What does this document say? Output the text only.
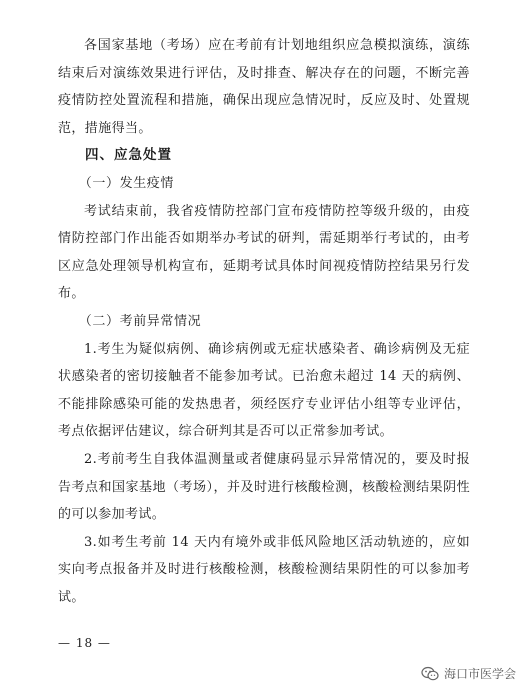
各国家基地（考场）应在考前有计划地组织应急模拟演练，演练结束后对演练效果进行评估，及时排查、解决存在的问题，不断完善疫情防控处置流程和措施，确保出现应急情况时，反应及时、处置规范，措施得当。

四、应急处置

（一）发生疫情

考试结束前，我省疫情防控部门宣布疫情防控等级升级的，由疫情防控部门作出能否如期举办考试的研判，需延期举行考试的，由考区应急处理领导机构宣布，延期考试具体时间视疫情防控结果另行发布。

（二）考前异常情况

1.考生为疑似病例、确诊病例或无症状感染者、确诊病例及无症状感染者的密切接触者不能参加考试。已治愈未超过 14 天的病例、不能排除感染可能的发热患者，须经医疗专业评估小组等专业评估，考点依据评估建议，综合研判其是否可以正常参加考试。

2.考前考生自我体温测量或者健康码显示异常情况的，要及时报告考点和国家基地（考场），并及时进行核酸检测，核酸检测结果阴性的可以参加考试。

3.如考生考前 14 天内有境外或非低风险地区活动轨迹的，应如实向考点报备并及时进行核酸检测，核酸检测结果阴性的可以参加考试。

— 18 —
海口市医学会
